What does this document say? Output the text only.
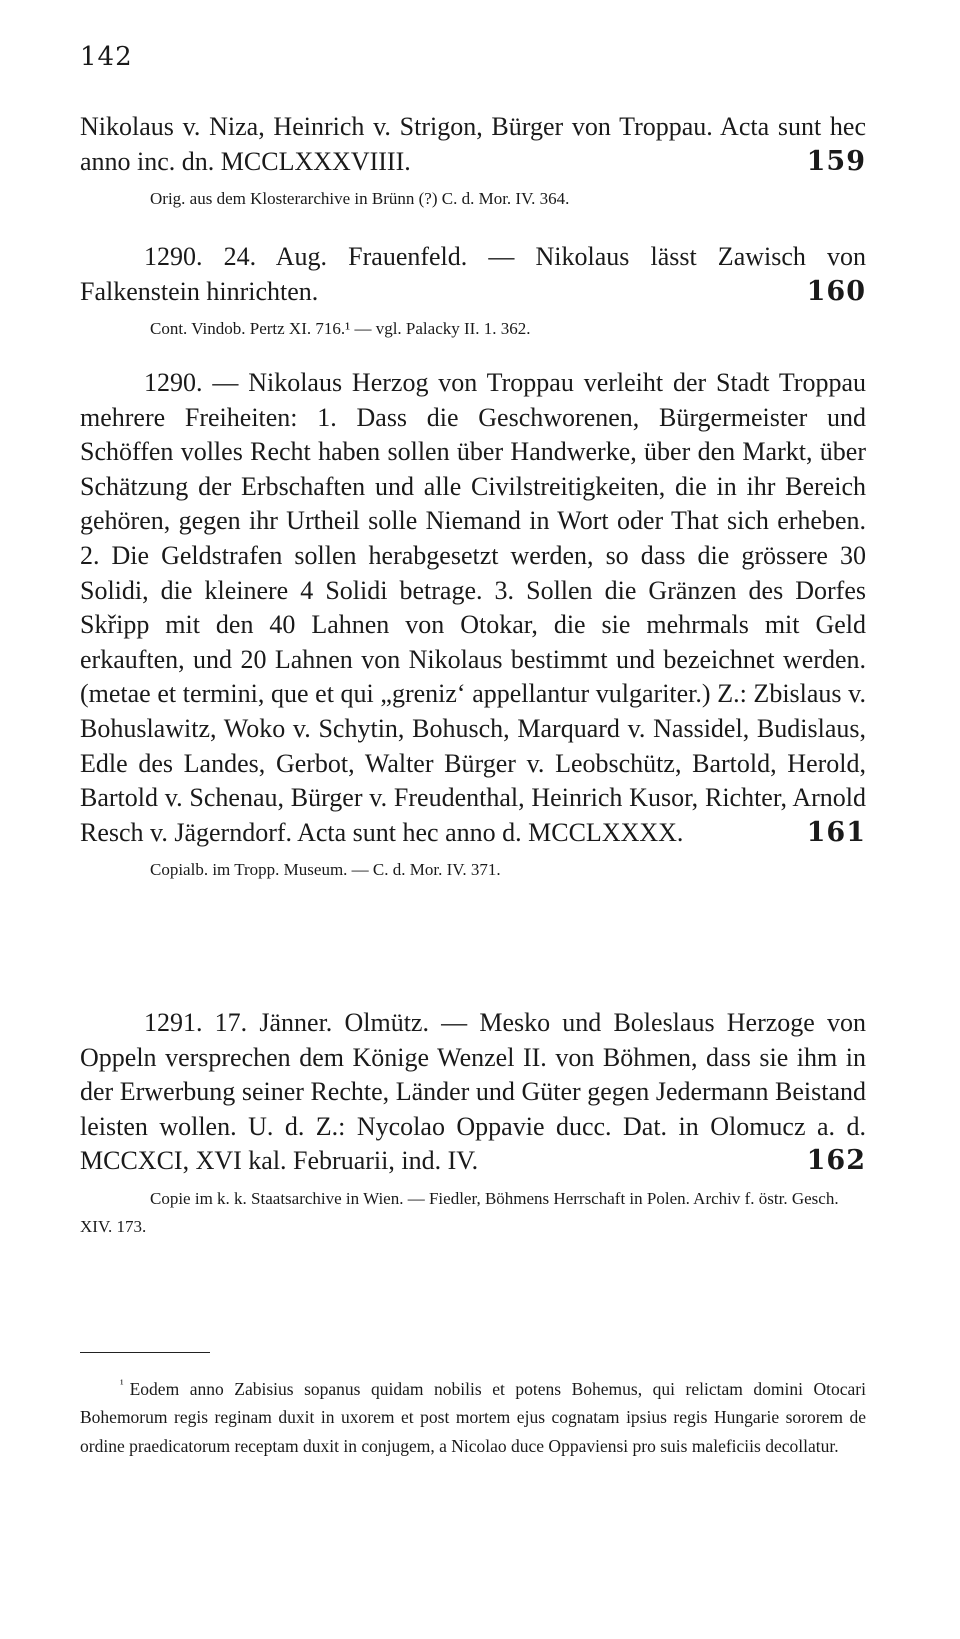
142
Nikolaus v. Niza, Heinrich v. Strigon, Bürger von Troppau. Acta sunt hec anno inc. dn. MCCLXXXVIIII.	159
Orig. aus dem Klosterarchive in Brünn (?) C. d. Mor. IV. 364.
1290. 24. Aug. Frauenfeld. — Nikolaus lässt Zawisch von Falkenstein hinrichten.	160
Cont. Vindob. Pertz XI. 716.¹ — vgl. Palacky II. 1. 362.
1290. — Nikolaus Herzog von Troppau verleiht der Stadt Troppau mehrere Freiheiten: 1. Dass die Geschworenen, Bürgermeister und Schöffen volles Recht haben sollen über Handwerke, über den Markt, über Schätzung der Erbschaften und alle Civilstreitigkeiten, die in ihr Bereich gehören, gegen ihr Urtheil solle Niemand in Wort oder That sich erheben. 2. Die Geldstrafen sollen herabgesetzt werden, so dass die grössere 30 Solidi, die kleinere 4 Solidi betrage. 3. Sollen die Gränzen des Dorfes Skřipp mit den 40 Lahnen von Otokar, die sie mehrmals mit Geld erkauften, und 20 Lahnen von Nikolaus bestimmt und bezeichnet werden. (metae et termini, que et qui „greniz‘ appellantur vulgariter.) Z.: Zbislaus v. Bohuslawitz, Woko v. Schytin, Bohusch, Marquard v. Nassidel, Budislaus, Edle des Landes, Gerbot, Walter Bürger v. Leobschütz, Bartold, Herold, Bartold v. Schenau, Bürger v. Freudenthal, Heinrich Kusor, Richter, Arnold Resch v. Jägerndorf. Acta sunt hec anno d. MCCLXXXX.	161
Copialb. im Tropp. Museum. — C. d. Mor. IV. 371.
1291. 17. Jänner. Olmütz. — Mesko und Boleslaus Herzoge von Oppeln versprechen dem Könige Wenzel II. von Böhmen, dass sie ihm in der Erwerbung seiner Rechte, Länder und Güter gegen Jedermann Beistand leisten wollen. U. d. Z.: Nycolao Oppavie ducc. Dat. in Olomucz a. d. MCCXCI, XVI kal. Februarii, ind. IV.	162
Copie im k. k. Staatsarchive in Wien. — Fiedler, Böhmens Herrschaft in Polen. Archiv f. östr. Gesch. XIV. 173.
$^{^1}$ Eodem anno Zabisius sopanus quidam nobilis et potens Bohemus, qui relictam domini Otocari Bohemorum regis reginam duxit in uxorem et post mortem ejus cognatam ipsius regis Hungarie sororem de ordine praedicatorum receptam duxit in conjugem, a Nicolao duce Oppaviensi pro suis maleficiis decollatur.
